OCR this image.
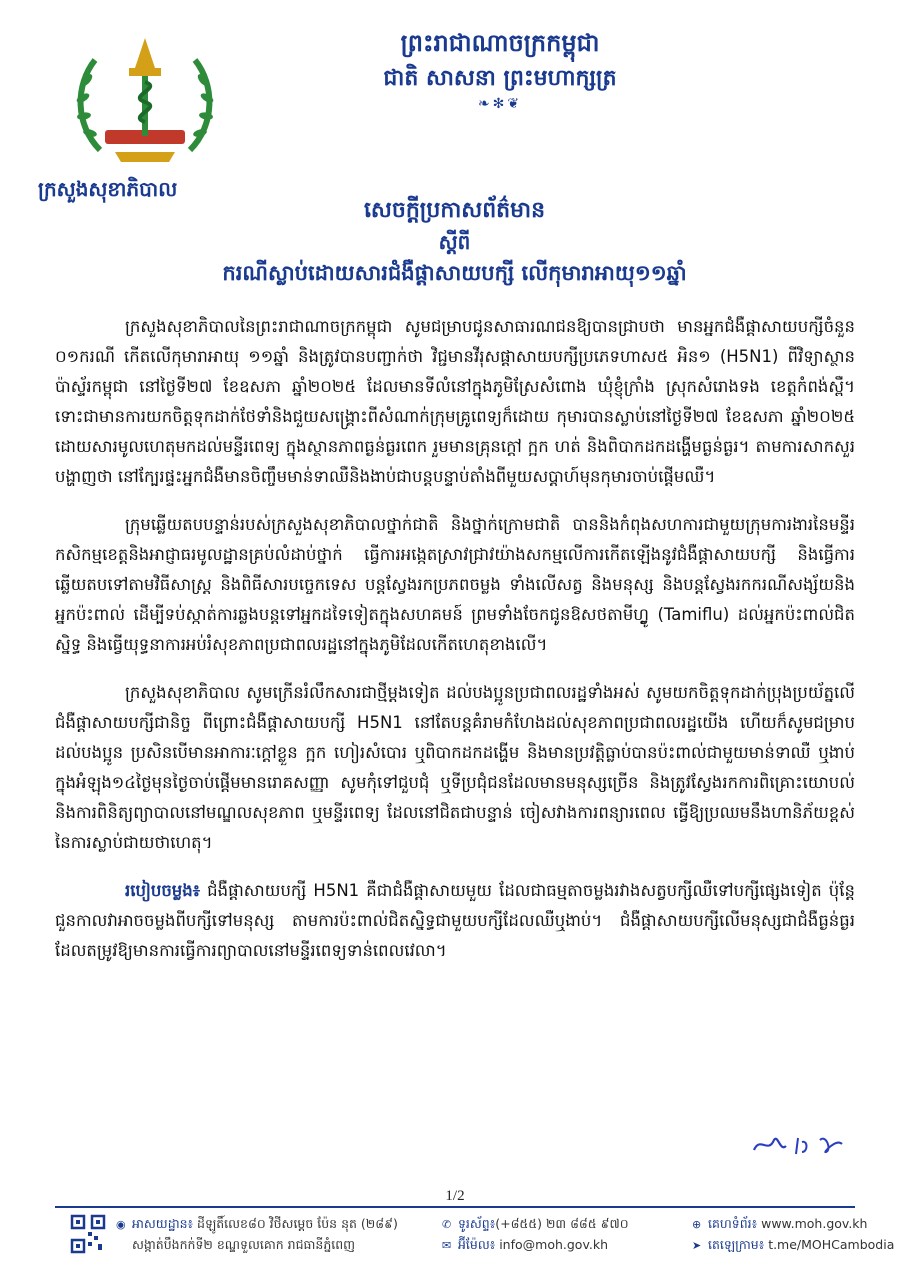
ក្រសួងសុខាភិបាល
ព្រះរាជាណាចក្រកម្ពុជា
ជាតិ សាសនា ព្រះមហាក្សត្រ
❧✻❦
សេចក្តីប្រកាសព័ត៌មាន
ស្តីពី
ករណីស្លាប់ដោយសារជំងឺផ្តាសាយបក្សី លើកុមារាអាយុ១១ឆ្នាំ

ក្រសួងសុខាភិបាលនៃព្រះរាជាណាចក្រកម្ពុជា សូមជម្រាបជូនសាធារណជនឱ្យបានជ្រាបថា មានអ្នកជំងឺផ្តាសាយបក្សីចំនួន ០១ករណី កើតលើកុមារាអាយុ ១១ឆ្នាំ និងត្រូវបានបញ្ជាក់ថា វិជ្ជមានវីរុសផ្តាសាយបក្សីប្រភេទហាស៥ អិន១ (H5N1) ពីវិទ្យាស្ថានប៉ាស្ទ័រកម្ពុជា នៅថ្ងៃទី២៧ ខែឧសភា ឆ្នាំ២០២៥ ដែលមានទីលំនៅក្នុងភូមិស្រែសំពោង ឃុំខ្ញុំក្រាំង ស្រុកសំរោងទង ខេត្តកំពង់ស្ពឺ។ ទោះជាមានការយកចិត្តទុកដាក់ថែទាំនិងជួយសង្គ្រោះពីសំណាក់ក្រុមគ្រូពេទ្យក៏ដោយ កុមារបានស្លាប់នៅថ្ងៃទី២៧ ខែឧសភា ឆ្នាំ២០២៥ ដោយសារមូលហេតុមកដល់មន្ទីរពេទ្យ ក្នុងស្ថានភាពធ្ងន់ធ្ងរពេក រួមមានគ្រុនក្តៅ ក្អក ហត់ និងពិបាកដកដង្ហើមធ្ងន់ធ្ងរ។ តាមការសាកសួរបង្ហាញថា នៅក្បែរផ្ទះអ្នកជំងឺមានចិញ្ចឹមមាន់ទាឈឺនិងងាប់ជាបន្តបន្ទាប់តាំងពីមួយសប្តាហ៍មុនកុមារចាប់ផ្តើមឈឺ។

ក្រុមឆ្លើយតបបន្ទាន់របស់ក្រសួងសុខាភិបាលថ្នាក់ជាតិ និងថ្នាក់ក្រោមជាតិ បាននិងកំពុងសហការជាមួយក្រុមការងារនៃមន្ទីរកសិកម្មខេត្តនិងអាជ្ញាធរមូលដ្ឋានគ្រប់លំដាប់ថ្នាក់ ធ្វើការអង្កេតស្រាវជ្រាវយ៉ាងសកម្មលើការកើតឡើងនូវជំងឺផ្តាសាយបក្សី និងធ្វើការឆ្លើយតបទៅតាមវិធីសាស្ត្រ និងពិធីសារបច្ចេកទេស បន្តស្វែងរកប្រភពចម្លង ទាំងលើសត្វ និងមនុស្ស និងបន្តស្វែងរកករណីសង្ស័យនិងអ្នកប៉ះពាល់ ដើម្បីទប់ស្កាត់ការឆ្លងបន្តទៅអ្នកដទៃទៀតក្នុងសហគមន៍ ព្រមទាំងចែកជូនឱសថតាមីហ្វ្លូ (Tamiflu) ដល់អ្នកប៉ះពាល់ជិតស្និទ្ធ និងធ្វើយុទ្ធនាការអប់រំសុខភាពប្រជាពលរដ្ឋនៅក្នុងភូមិដែលកើតហេតុខាងលើ។

ក្រសួងសុខាភិបាល សូមក្រើនរំលឹកសារជាថ្មីម្តងទៀត ដល់បងប្អូនប្រជាពលរដ្ឋទាំងអស់ សូមយកចិត្តទុកដាក់ប្រុងប្រយ័ត្នលើជំងឺផ្តាសាយបក្សីជានិច្ច ពីព្រោះជំងឺផ្តាសាយបក្សី H5N1 នៅតែបន្តគំរាមកំហែងដល់សុខភាពប្រជាពលរដ្ឋយើង ហើយក៏សូមជម្រាបដល់បងប្អូន ប្រសិនបើមានអាការៈក្តៅខ្លួន ក្អក ហៀរសំបោរ ឬពិបាកដកដង្ហើម និងមានប្រវត្តិធ្លាប់បានប៉ះពាល់ជាមួយមាន់ទាឈឺ ឬងាប់ក្នុងអំឡុង១៤ថ្ងៃមុនថ្ងៃចាប់ផ្តើមមានរោគសញ្ញា សូមកុំទៅជួបជុំ ឬទីប្រជុំជនដែលមានមនុស្សច្រើន និងត្រូវស្វែងរកការពិគ្រោះយោបល់ និងការពិនិត្យព្យាបាលនៅមណ្ឌលសុខភាព ឬមន្ទីរពេទ្យ ដែលនៅជិតជាបន្ទាន់ ចៀសវាងការពន្យារពេល ធ្វើឱ្យប្រឈមនឹងហានិភ័យខ្ពស់នៃការស្លាប់ជាយថាហេតុ។

របៀបចម្លង៖ ជំងឺផ្តាសាយបក្សី H5N1 គឺជាជំងឺផ្តាសាយមួយ ដែលជាធម្មតាចម្លងរវាងសត្វបក្សីឈឺទៅបក្សីផ្សេងទៀត ប៉ុន្តែជួនកាលវាអាចចម្លងពីបក្សីទៅមនុស្ស តាមការប៉ះពាល់ជិតស្និទ្ធជាមួយបក្សីដែលឈឺឬងាប់។ ជំងឺផ្តាសាយបក្សីលើមនុស្សជាជំងឺធ្ងន់ធ្ងរ ដែលតម្រូវឱ្យមានការធ្វើការព្យាបាលនៅមន្ទីរពេទ្យទាន់ពេលវេលា។

1/2
◉ អាសយដ្ឋាន៖ ដីឡូតិ៍លេខ៨០ វិថីសម្តេច ប៉ែន នុត (២៨៩)
សង្កាត់បឹងកក់ទី២ ខណ្ឌទួលគោក រាជធានីភ្នំពេញ
✆ ទូរស័ព្ទ៖(+៨៥៥) ២៣ ៨៨៥ ៩៧០
✉ អ៊ីម៉ែល៖ info@moh.gov.kh
⊕ គេហទំព័រ៖ www.moh.gov.kh
➤ តេឡេក្រាម៖ t.me/MOHCambodia
